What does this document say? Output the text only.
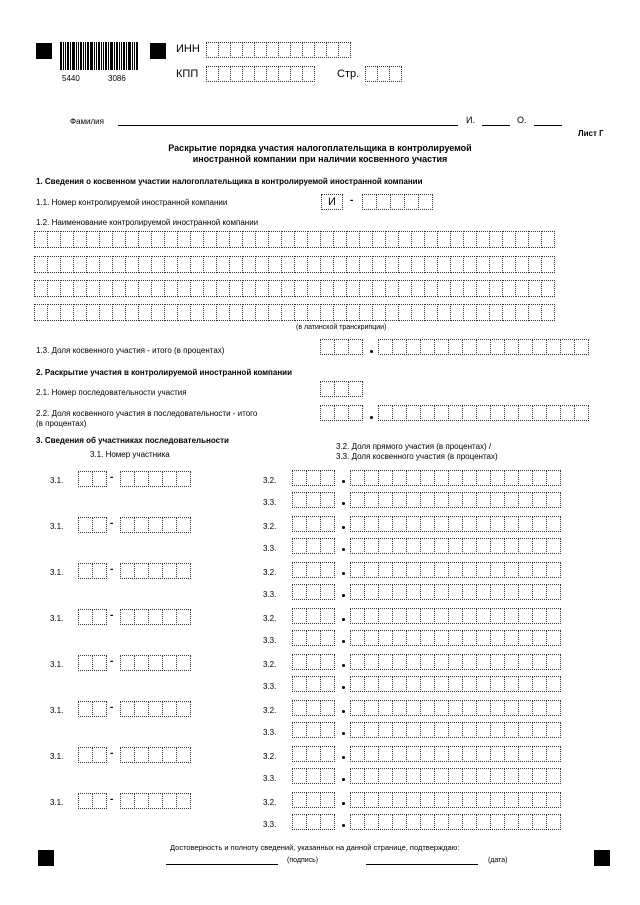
5440	3086
ИНН
КПП	Стр.
Фамилия	И.	О.
Лист Г
Раскрытие порядка участия налогоплательщика в контролируемой
иностранной компании при наличии косвенного участия
1. Сведения о косвенном участии налогоплательщика в контролируемой иностранной компании
1.1. Номер контролируемой иностранной компании	И	-
1.2. Наименование контролируемой иностранной компании
(в латинской транскрипции)
1.3. Доля косвенного участия - итого (в процентах)
2. Раскрытие участия в контролируемой иностранной компании
2.1. Номер последовательности участия
2.2. Доля косвенного участия в последовательности - итого
(в процентах)
3. Сведения об участниках последовательности
3.1. Номер участника
3.2. Доля прямого участия (в процентах) /
3.3. Доля косвенного участия (в процентах)
3.1.	-	3.2.
3.3.
3.1.	-	3.2.
3.3.
3.1.	-	3.2.
3.3.
3.1.	-	3.2.
3.3.
3.1.	-	3.2.
3.3.
3.1.	-	3.2.
3.3.
3.1.	-	3.2.
3.3.
3.1.	-	3.2.
3.3.
Достоверность и полноту сведений, указанных на данной странице, подтверждаю:
(подпись)	(дата)
